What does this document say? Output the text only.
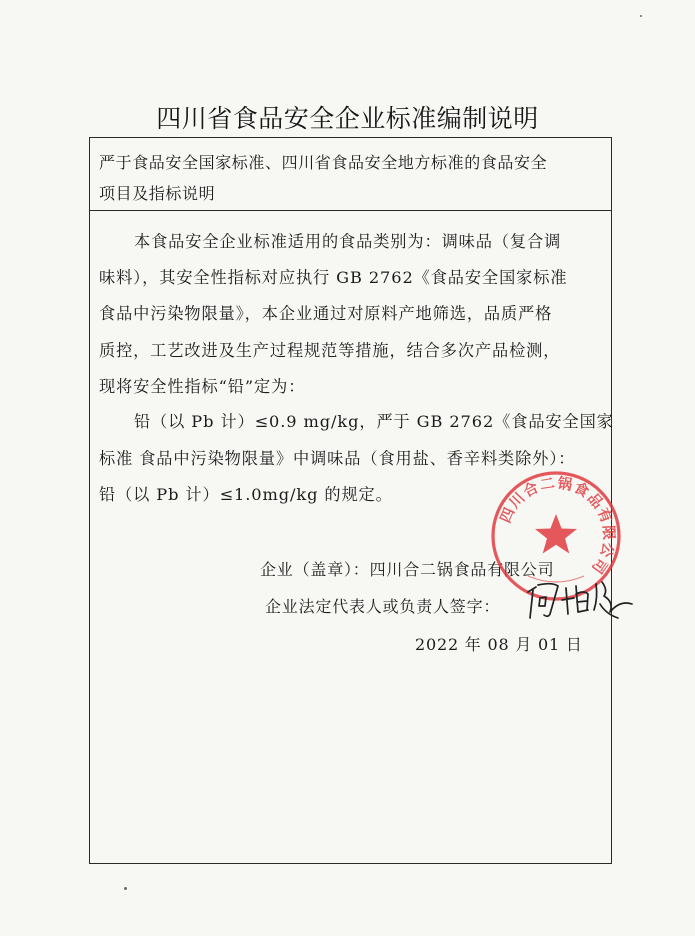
四川省食品安全企业标准编制说明
严于食品安全国家标准、四川省食品安全地方标准的食品安全
项目及指标说明
本食品安全企业标准适用的食品类别为：调味品（复合调
味料），其安全性指标对应执行 GB 2762《食品安全国家标准
食品中污染物限量》，本企业通过对原料产地筛选，品质严格
质控，工艺改进及生产过程规范等措施，结合多次产品检测，
现将安全性指标“铅”定为：
铅（以 Pb 计）≤0.9 mg/kg，严于 GB 2762《食品安全国家
标准 食品中污染物限量》中调味品（食用盐、香辛料类除外）：
铅（以 Pb 计）≤1.0mg/kg 的规定。
企业（盖章）：四川合二锅食品有限公司
企业法定代表人或负责人签字：
2022 年 08 月 01 日
四川合二锅食品有限公司
